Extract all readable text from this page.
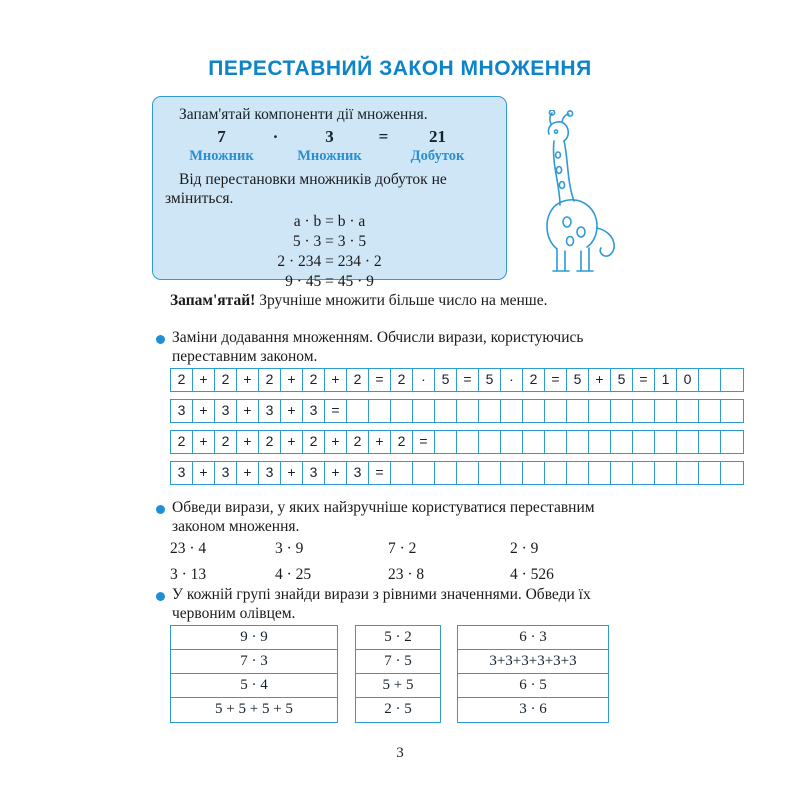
ПЕРЕСТАВНИЙ ЗАКОН МНОЖЕННЯ
Запам'ятай компоненти дії множення.
7	·	3	=	21
Множник	Множник	Добуток
Від перестановки множників добуток не зміниться.
a · b = b · a
5 · 3 = 3 · 5
2 · 234 = 234 · 2
9 · 45 = 45 · 9
Запам'ятай! Зручніше множити більше число на менше.
Заміни додавання множенням. Обчисли вирази, користуючись переставним законом.
2	+	2	+	2	+	2	+	2	=	2	·	5	=	5	·	2	=	5	+	5	=	1	0
3	+	3	+	3	+	3	=
2	+	2	+	2	+	2	+	2	+	2	=
3	+	3	+	3	+	3	+	3	=
Обведи вирази, у яких найзручніше користуватися переставним законом множення.
23 · 4	3 · 9	7 · 2	2 · 9
3 · 13	4 · 25	23 · 8	4 · 526
У кожній групі знайди вирази з рівними значеннями. Обведи їх червоним олівцем.
9 · 9
7 · 3
5 · 4
5 + 5 + 5 + 5
5 · 2
7 · 5
5 + 5
2 · 5
6 · 3
3+3+3+3+3+3
6 · 5
3 · 6
3
